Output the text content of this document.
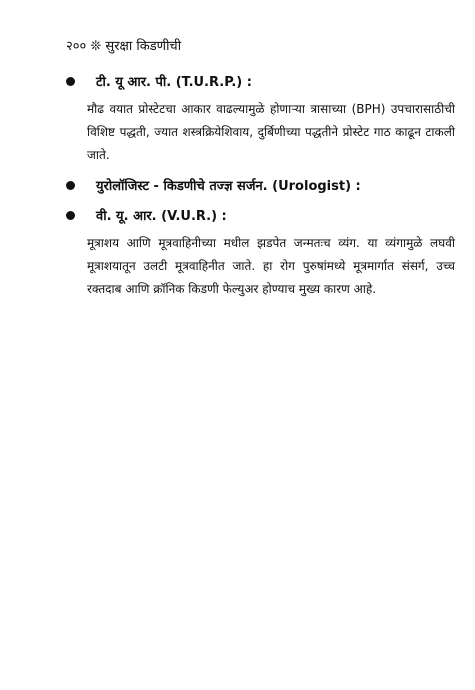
२०० ❊ सुरक्षा किडणीची
टी. यू आर. पी. (T.U.R.P.) :
मौढ वयात प्रोस्टेटचा आकार वाढल्यामुळे होणाऱ्या त्रासाच्या (BPH) उपचारासाठीची विशिष्ट पद्धती, ज्यात शस्त्रक्रियेशिवाय, दुर्बिणीच्या पद्धतीने प्रोस्टेट गाठ काढून टाकली जाते.
युरोलॉजिस्ट - किडणीचे तज्ज्ञ सर्जन. (Urologist) :
वी. यू. आर. (V.U.R.) :
मूत्राशय आणि मूत्रवाहिनीच्या मधील झडपेत जन्मतःच व्यंग. या व्यंगामुळे लघवी मूत्राशयातून उलटी मूत्रवाहिनीत जाते. हा रोग पुरुषांमध्ये मूत्रमार्गात संसर्ग, उच्च रक्तदाब आणि क्रॉनिक किडणी फेल्युअर होण्याच मुख्य कारण आहे.
